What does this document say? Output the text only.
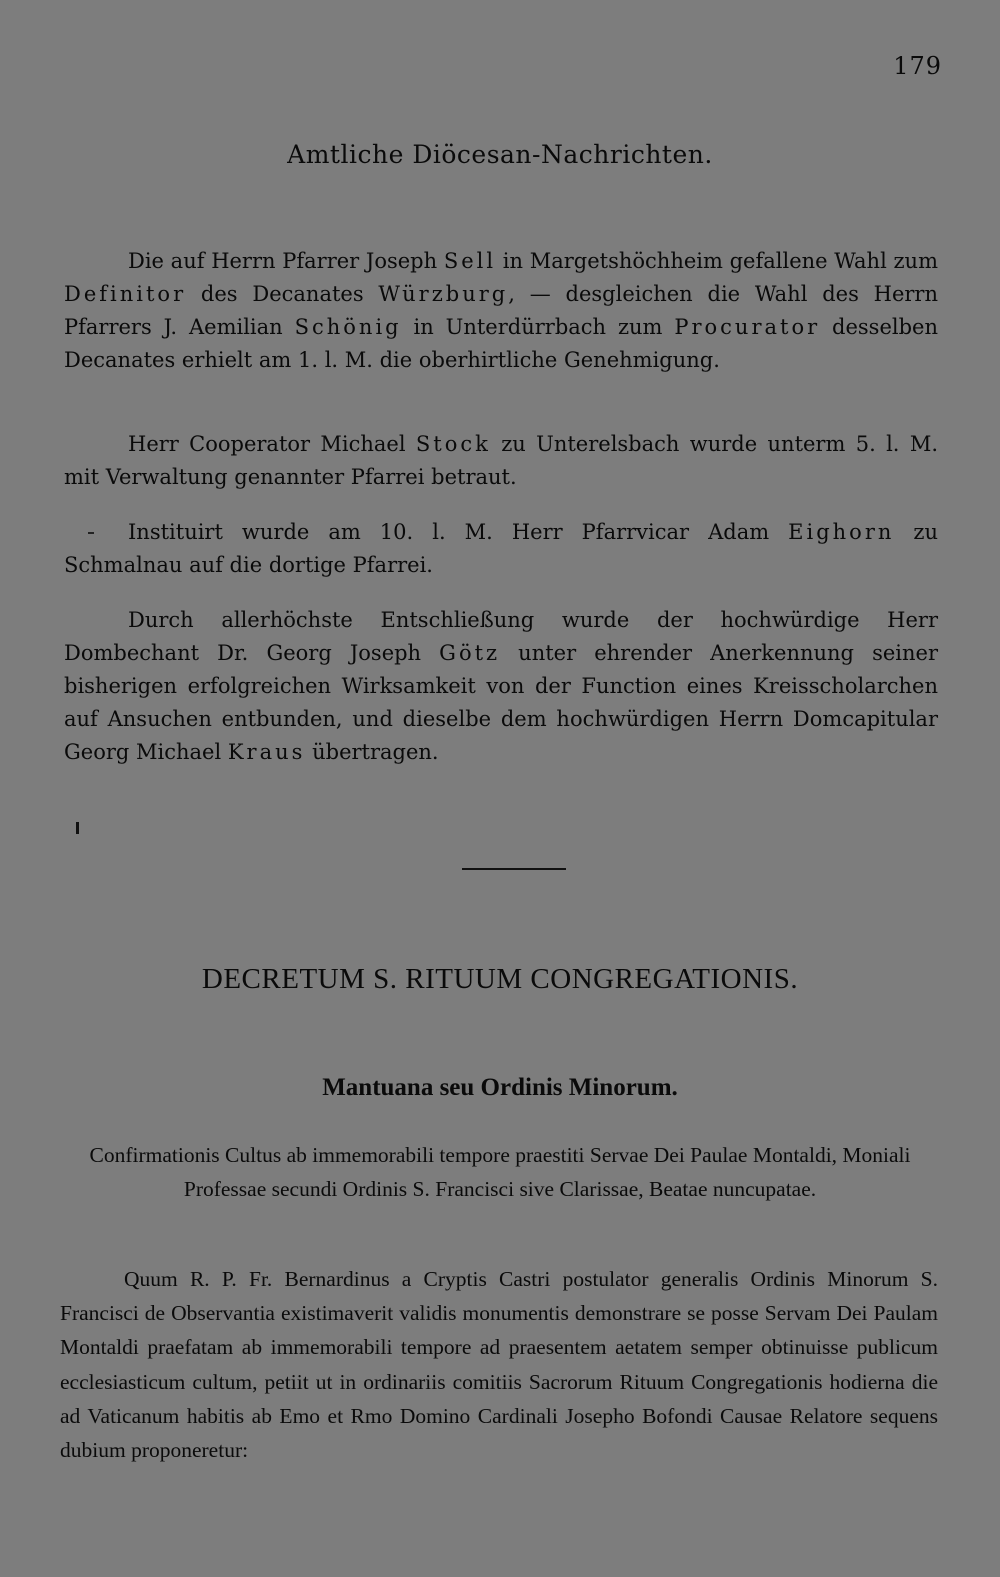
179
Amtliche Diöcesan-Nachrichten.

Die auf Herrn Pfarrer Joseph Sell in Margetshöchheim gefallene Wahl zum Definitor des Decanates Würzburg, — desgleichen die Wahl des Herrn Pfarrers J. Aemilian Schönig in Unterdürrbach zum Procurator desselben Decanates erhielt am 1. l. M. die oberhirtliche Genehmigung.

Herr Cooperator Michael Stock zu Unterelsbach wurde unterm 5. l. M. mit Verwaltung genannter Pfarrei betraut.

Instituirt wurde am 10. l. M. Herr Pfarrvicar Adam Eighorn zu Schmalnau auf die dortige Pfarrei.

Durch allerhöchste Entschließung wurde der hochwürdige Herr Dombechant Dr. Georg Joseph Götz unter ehrender Anerkennung seiner bisherigen erfolgreichen Wirksamkeit von der Function eines Kreisscholarchen auf Ansuchen entbunden, und dieselbe dem hochwürdigen Herrn Domcapitular Georg Michael Kraus übertragen.

DECRETUM S. RITUUM CONGREGATIONIS.
Mantuana seu Ordinis Minorum.

Confirmationis Cultus ab immemorabili tempore praestiti Servae Dei Paulae Montaldi, Moniali Professae secundi Ordinis S. Francisci sive Clarissae, Beatae nuncupatae.

Quum R. P. Fr. Bernardinus a Cryptis Castri postulator generalis Ordinis Minorum S. Francisci de Observantia existimaverit validis monumentis demonstrare se posse Servam Dei Paulam Montaldi praefatam ab immemorabili tempore ad praesentem aetatem semper obtinuisse publicum ecclesiasticum cultum, petiit ut in ordinariis comitiis Sacrorum Rituum Congregationis hodierna die ad Vaticanum habitis ab Emo et Rmo Domino Cardinali Josepho Bofondi Causae Relatore sequens dubium proponeretur:
